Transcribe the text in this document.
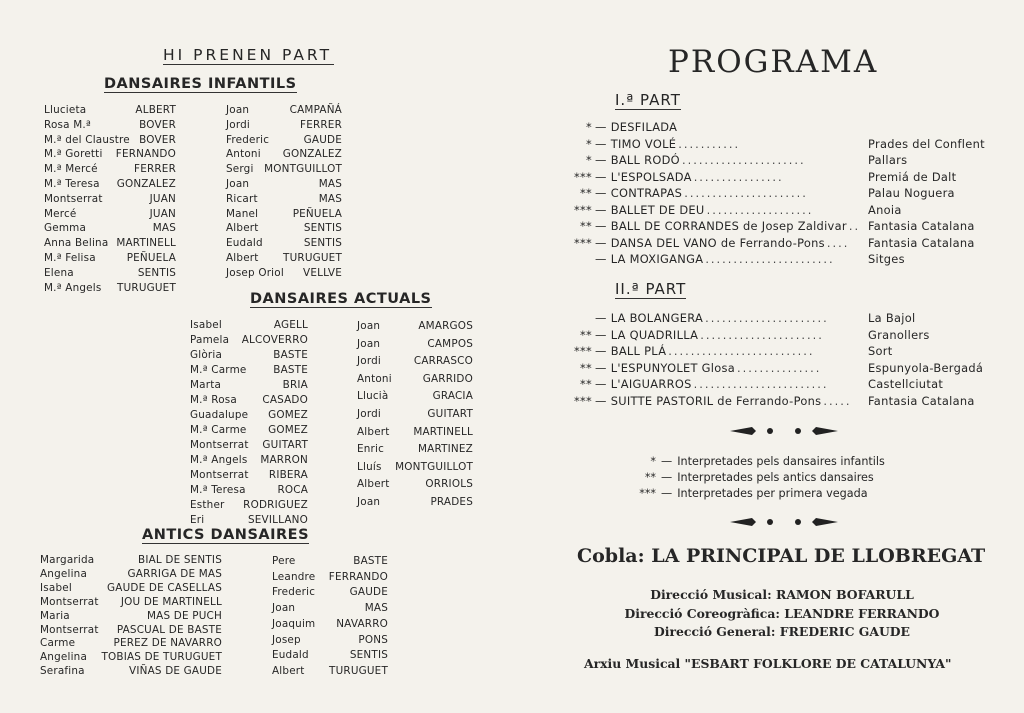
HI PRENEN PART
DANSAIRES INFANTILS
Llucieta	ALBERT
Rosa M.ª	BOVER
M.ª del Claustre BOVER
M.ª Goretti FERNANDO
M.ª Mercé	FERRER
M.ª Teresa GONZALEZ
Montserrat	JUAN
Mercé	JUAN
Gemma	MAS
Anna Belina MARTINELL
M.ª Felisa	PEÑUELA
Elena	SENTIS
M.ª Angels TURUGUET
Joan	CAMPAÑÁ
Jordi	FERRER
Frederic	GAUDE
Antoni GONZALEZ
Sergi MONTGUILLOT
Joan	MAS
Ricart	MAS
Manel	PEÑUELA
Albert	SENTIS
Eudald	SENTIS
Albert TURUGUET
Josep Oriol VELLVE
DANSAIRES ACTUALS
Isabel	AGELL
Pamela ALCOVERRO
Glòria	BASTE
M.ª Carme	BASTE
Marta	BRIA
M.ª Rosa CASADO
Guadalupe GOMEZ
M.ª Carme GOMEZ
Montserrat GUITART
M.ª Angels MARRON
Montserrat RIBERA
M.ª Teresa	ROCA
Esther RODRIGUEZ
Eri	SEVILLANO
Joan	AMARGOS
Joan	CAMPOS
Jordi	CARRASCO
Antoni	GARRIDO
Llucià	GRACIA
Jordi	GUITART
Albert MARTINELL
Enric	MARTINEZ
Lluís MONTGUILLOT
Albert	ORRIOLS
Joan	PRADES
ANTICS DANSAIRES
Margarida	BIAL DE SENTIS
Angelina	GARRIGA DE MAS
Isabel	GAUDE DE CASELLAS
Montserrat JOU DE MARTINELL
Maria	MAS DE PUCH
Montserrat PASCUAL DE BASTE
Carme	PEREZ DE NAVARRO
Angelina TOBIAS DE TURUGUET
Serafina	VIÑAS DE GAUDE
Pere	BASTE
Leandre FERRANDO
Frederic	GAUDE
Joan	MAS
Joaquim NAVARRO
Josep	PONS
Eudald	SENTIS
Albert TURUGUET
PROGRAMA
I.ª PART
* — DESFILADA
* — TIMO VOLÉ ...........	Prades del Conflent
* — BALL RODÓ ......................	Pallars
*** — L'ESPOLSADA ................	Premiá de Dalt
** — CONTRAPAS ......................	Palau Noguera
*** — BALLET DE DEU ...................	Anoia
** — BALL DE CORRANDES de Josep Zaldivar .. Fantasia Catalana
*** — DANSA DEL VANO de Ferrando-Pons ....	Fantasia Catalana
— LA MOXIGANGA .......................	Sitges
II.ª PART
— LA BOLANGERA ......................	La Bajol
** — LA QUADRILLA ......................	Granollers
*** — BALL PLÁ ..........................	Sort
** — L'ESPUNYOLET Glosa ...............	Espunyola-Bergadá
** — L'AIGUARROS ........................	Castellciutat
*** — SUITTE PASTORIL de Ferrando-Pons .....	Fantasia Catalana
* — Interpretades pels dansaires infantils
** — Interpretades pels antics dansaires
*** — Interpretades per primera vegada
Cobla: LA PRINCIPAL DE LLOBREGAT
Direcció Musical: RAMON BOFARULL
Direcció Coreogràfica: LEANDRE FERRANDO
Direcció General: FREDERIC GAUDE
Arxiu Musical "ESBART FOLKLORE DE CATALUNYA"
